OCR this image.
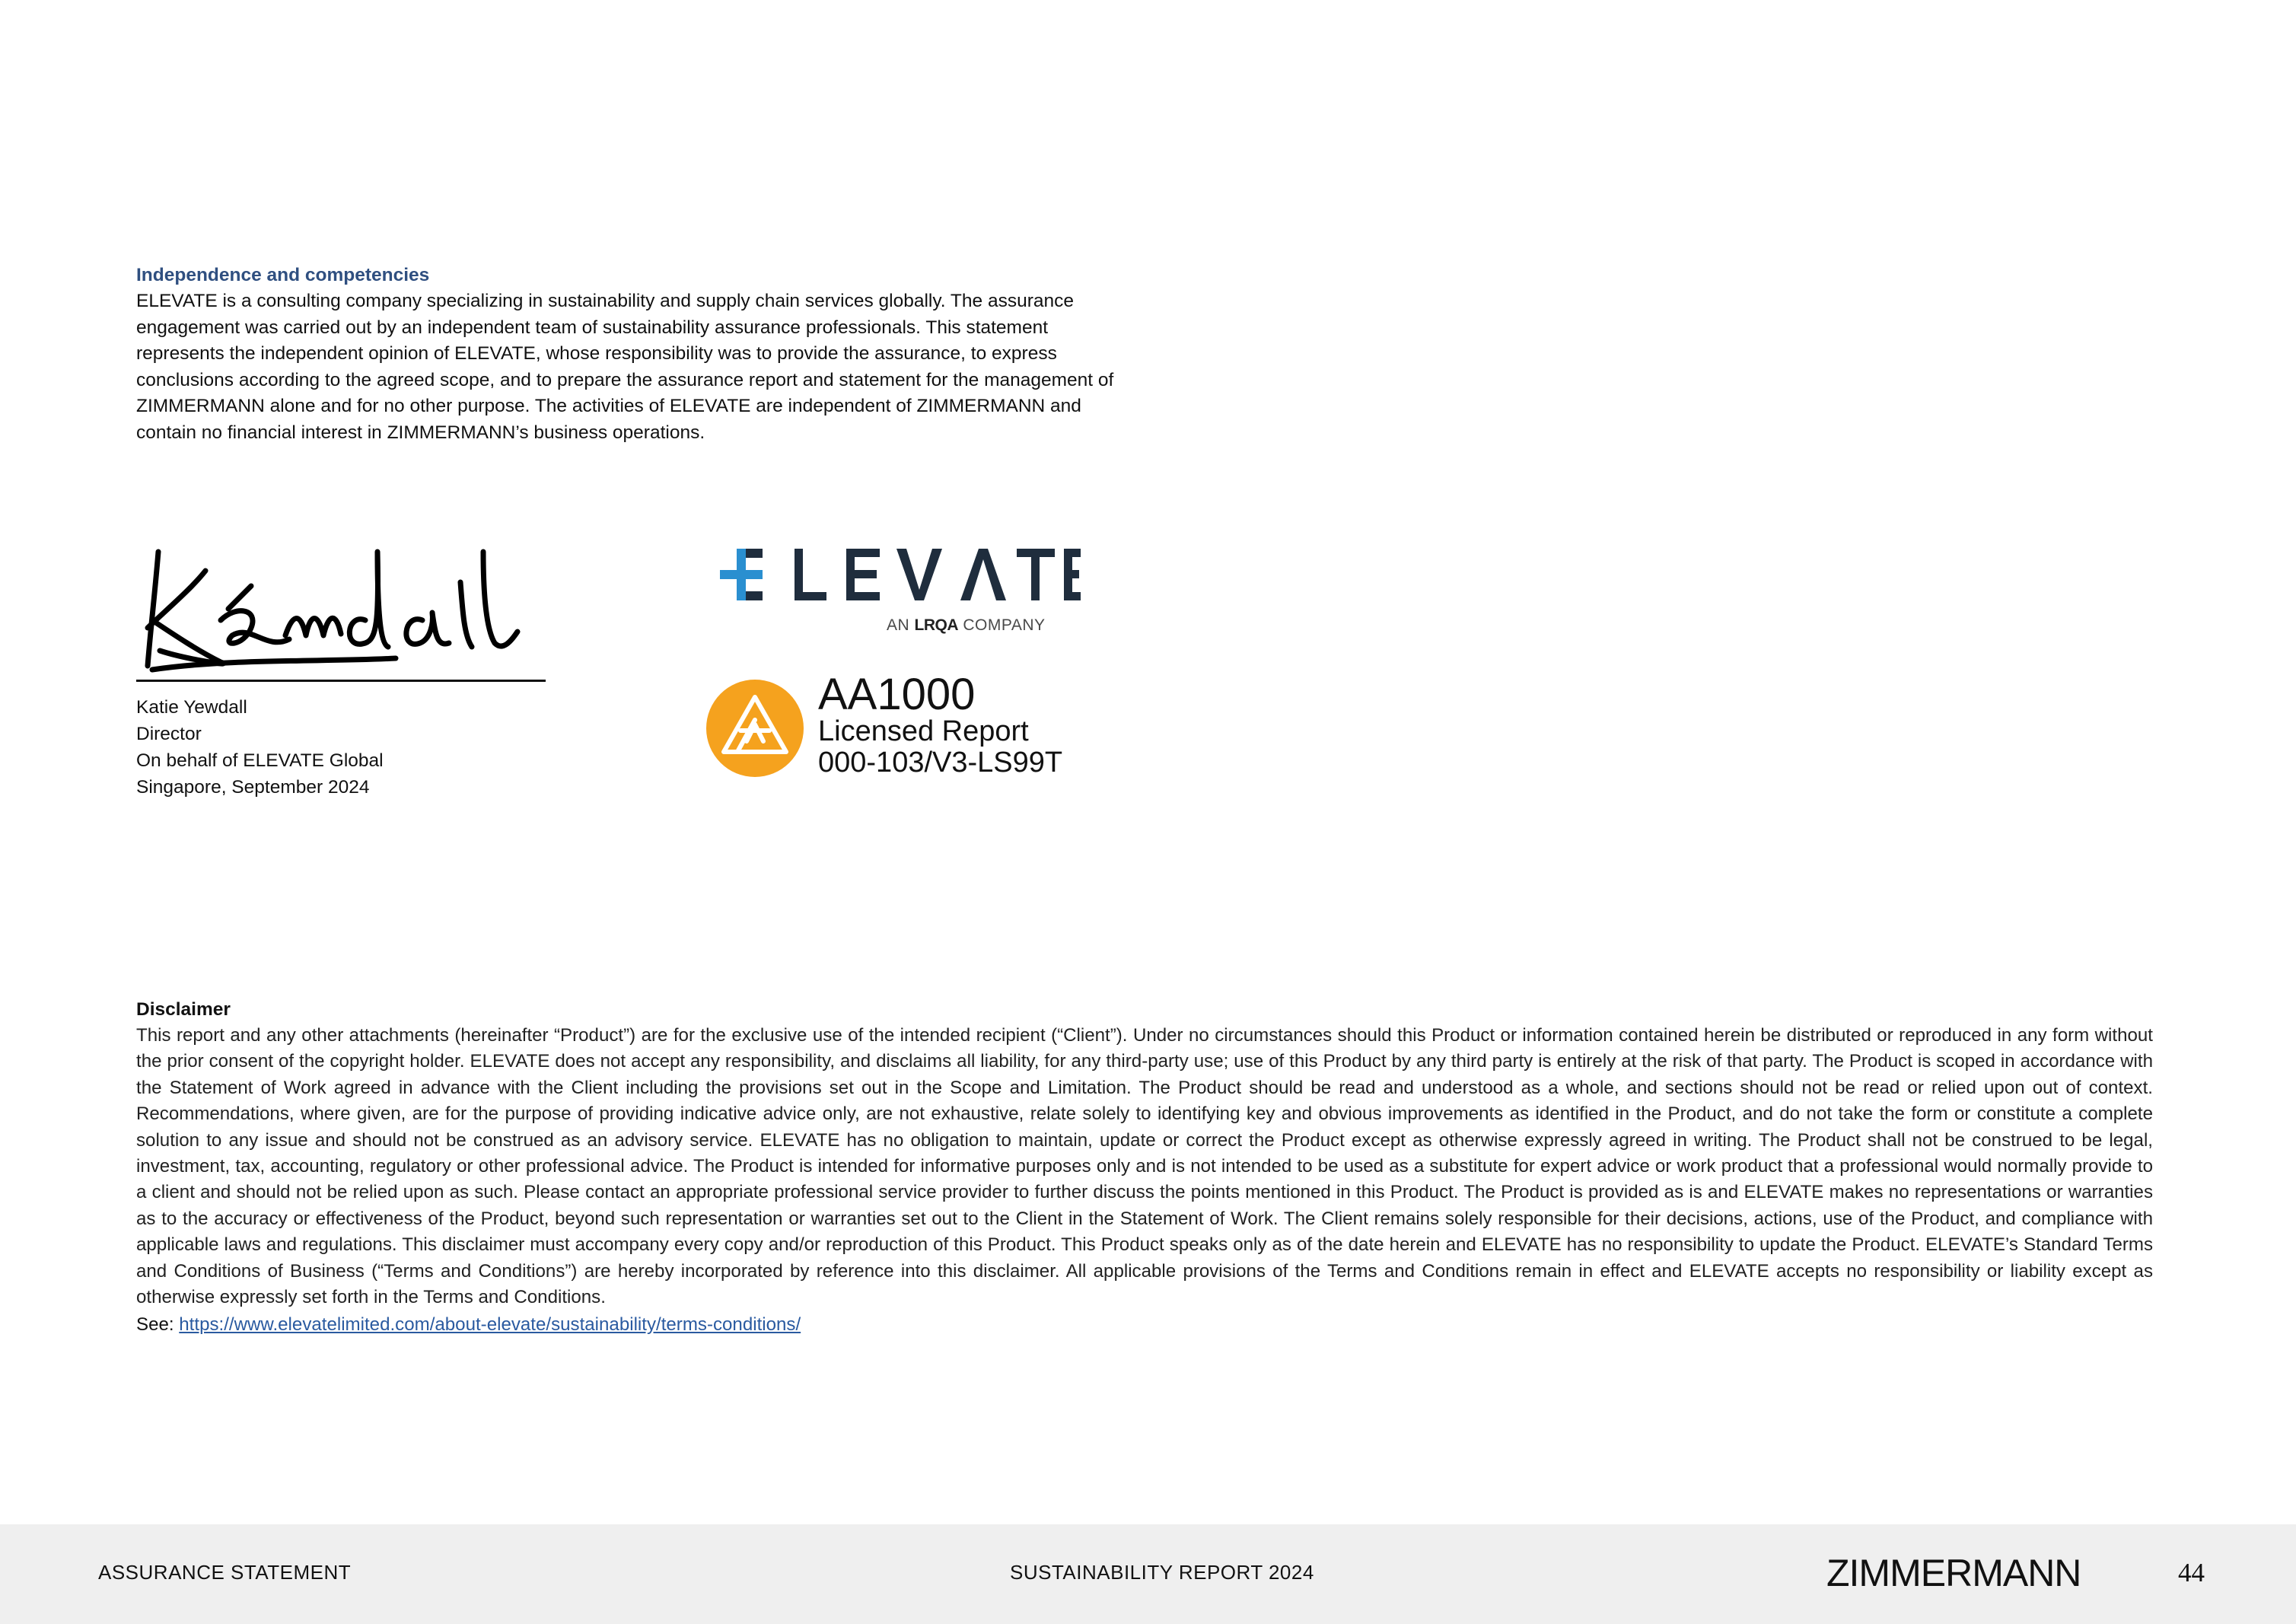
Independence and competencies
ELEVATE is a consulting company specializing in sustainability and supply chain services globally. The assurance engagement was carried out by an independent team of sustainability assurance professionals. This statement represents the independent opinion of ELEVATE, whose responsibility was to provide the assurance, to express conclusions according to the agreed scope, and to prepare the assurance report and statement for the management of ZIMMERMANN alone and for no other purpose. The activities of ELEVATE are independent of ZIMMERMANN and contain no financial interest in ZIMMERMANN’s business operations.
Katie Yewdall
Director
On behalf of ELEVATE Global
Singapore, September 2024
AN LRQA COMPANY
AA1000
Licensed Report
000-103/V3-LS99T
Disclaimer
This report and any other attachments (hereinafter “Product”) are for the exclusive use of the intended recipient (“Client”). Under no circumstances should this Product or information contained herein be distributed or reproduced in any form without the prior consent of the copyright holder. ELEVATE does not accept any responsibility, and disclaims all liability, for any third-party use; use of this Product by any third party is entirely at the risk of that party. The Product is scoped in accordance with the Statement of Work agreed in advance with the Client including the provisions set out in the Scope and Limitation. The Product should be read and understood as a whole, and sections should not be read or relied upon out of context. Recommendations, where given, are for the purpose of providing indicative advice only, are not exhaustive, relate solely to identifying key and obvious improvements as identified in the Product, and do not take the form or constitute a complete solution to any issue and should not be construed as an advisory service. ELEVATE has no obligation to maintain, update or correct the Product except as otherwise expressly agreed in writing. The Product shall not be construed to be legal, investment, tax, accounting, regulatory or other professional advice. The Product is intended for informative purposes only and is not intended to be used as a substitute for expert advice or work product that a professional would normally provide to a client and should not be relied upon as such. Please contact an appropriate professional service provider to further discuss the points mentioned in this Product. The Product is provided as is and ELEVATE makes no representations or warranties as to the accuracy or effectiveness of the Product, beyond such representation or warranties set out to the Client in the Statement of Work. The Client remains solely responsible for their decisions, actions, use of the Product, and compliance with applicable laws and regulations. This disclaimer must accompany every copy and/or reproduction of this Product. This Product speaks only as of the date herein and ELEVATE has no responsibility to update the Product. ELEVATE’s Standard Terms and Conditions of Business (“Terms and Conditions”) are hereby incorporated by reference into this disclaimer. All applicable provisions of the Terms and Conditions remain in effect and ELEVATE accepts no responsibility or liability except as otherwise expressly set forth in the Terms and Conditions.
See: https://www.elevatelimited.com/about-elevate/sustainability/terms-conditions/
ASSURANCE STATEMENT	SUSTAINABILITY REPORT 2024	ZIMMERMANN	44
